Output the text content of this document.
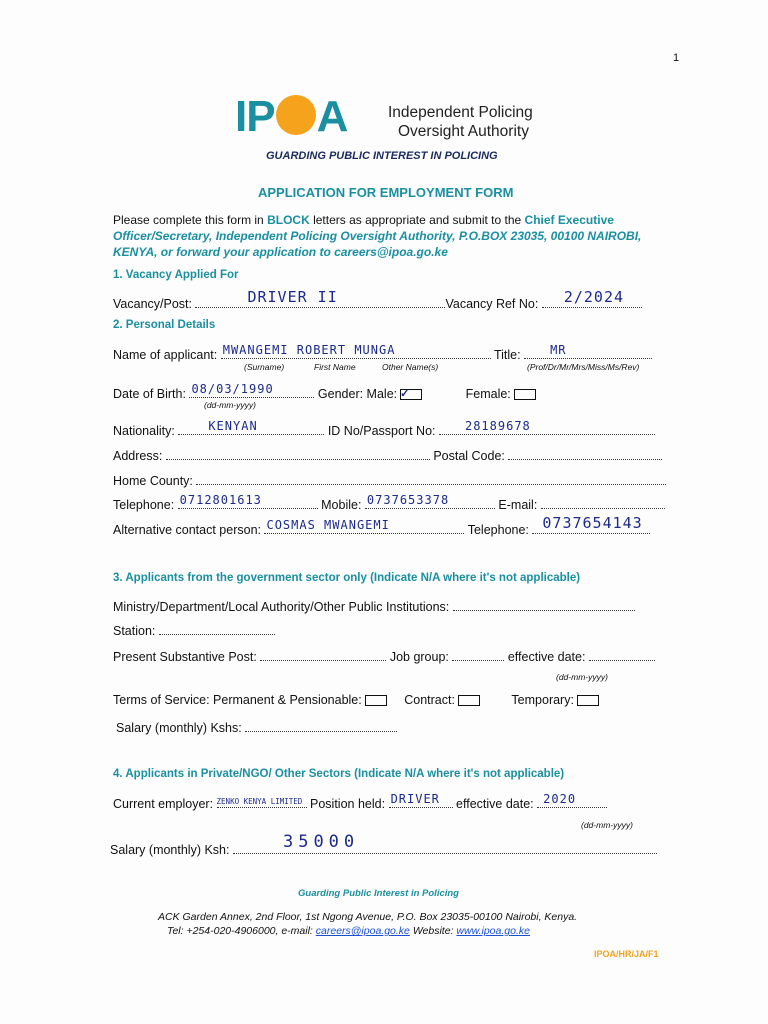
1
IP A	Independent Policing
Oversight Authority
GUARDING PUBLIC INTEREST IN POLICING
APPLICATION FOR EMPLOYMENT FORM
Please complete this form in BLOCK letters as appropriate and submit to the Chief Executive
Officer/Secretary, Independent Policing Oversight Authority, P.O.BOX 23035, 00100 NAIROBI,
KENYA, or forward your application to careers@ipoa.go.ke
1. Vacancy Applied For
Vacancy/Post:	DRIVER II	Vacancy Ref No: 2/2024
2. Personal Details
Name of applicant: MWANGEMI ROBERT MUNGA	Title: MR
(Surname)	First Name	Other Name(s)	(Prof/Dr/Mr/Mrs/Miss/Ms/Rev)
Date of Birth: 08/03/1990	Gender: Male: ✓	Female:
(dd-mm-yyyy)
Nationality:	KENYAN	ID No/Passport No: 28189678
Address:	Postal Code:
Home County:
Telephone: 0712801613	Mobile: 0737653378	E-mail:
Alternative contact person: COSMAS MWANGEMI	Telephone: 0737654143
3. Applicants from the government sector only (Indicate N/A where it's not applicable)
Ministry/Department/Local Authority/Other Public Institutions:
Station:
Present Substantive Post:	Job group:	effective date:
(dd-mm-yyyy)
Terms of Service: Permanent & Pensionable:	Contract:	Temporary:
Salary (monthly) Kshs:
4. Applicants in Private/NGO/ Other Sectors (Indicate N/A where it's not applicable)
Current employer: ZENKO KENYA LIMITED Position held: DRIVER effective date: 2020
(dd-mm-yyyy)
Salary (monthly) Ksh:	35000
Guarding Public Interest in Policing
ACK Garden Annex, 2nd Floor, 1st Ngong Avenue, P.O. Box 23035-00100 Nairobi, Kenya.
Tel: +254-020-4906000, e-mail: careers@ipoa.go.ke Website: www.ipoa.go.ke
IPOA/HR/JA/F1
